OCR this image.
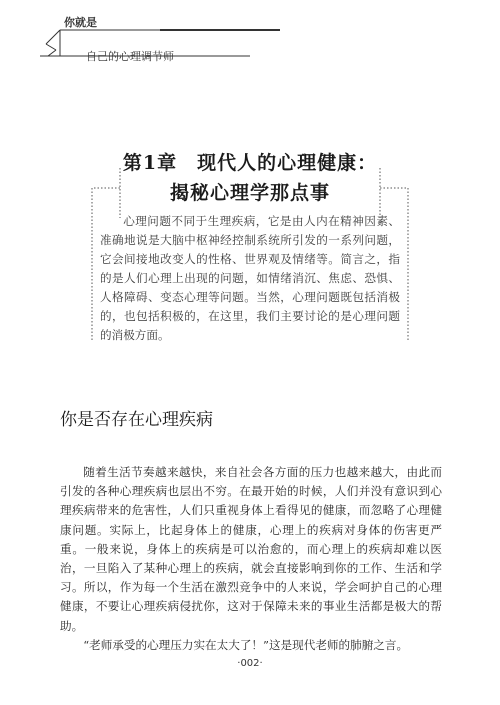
你就是
自己的心理调节师
第1章　现代人的心理健康：
揭秘心理学那点事
心理问题不同于生理疾病，它是由人内在精神因素、准确地说是大脑中枢神经控制系统所引发的一系列问题，它会间接地改变人的性格、世界观及情绪等。简言之，指的是人们心理上出现的问题，如情绪消沉、焦虑、恐惧、人格障碍、变态心理等问题。当然，心理问题既包括消极的，也包括积极的，在这里，我们主要讨论的是心理问题的消极方面。
你是否存在心理疾病

随着生活节奏越来越快，来自社会各方面的压力也越来越大，由此而引发的各种心理疾病也层出不穷。在最开始的时候，人们并没有意识到心理疾病带来的危害性，人们只重视身体上看得见的健康，而忽略了心理健康问题。实际上，比起身体上的健康，心理上的疾病对身体的伤害更严重。一般来说，身体上的疾病是可以治愈的，而心理上的疾病却难以医治，一旦陷入了某种心理上的疾病，就会直接影响到你的工作、生活和学习。所以，作为每一个生活在激烈竞争中的人来说，学会呵护自己的心理健康，不要让心理疾病侵扰你，这对于保障未来的事业生活都是极大的帮助。

“老师承受的心理压力实在太大了！”这是现代老师的肺腑之言。

·002·
